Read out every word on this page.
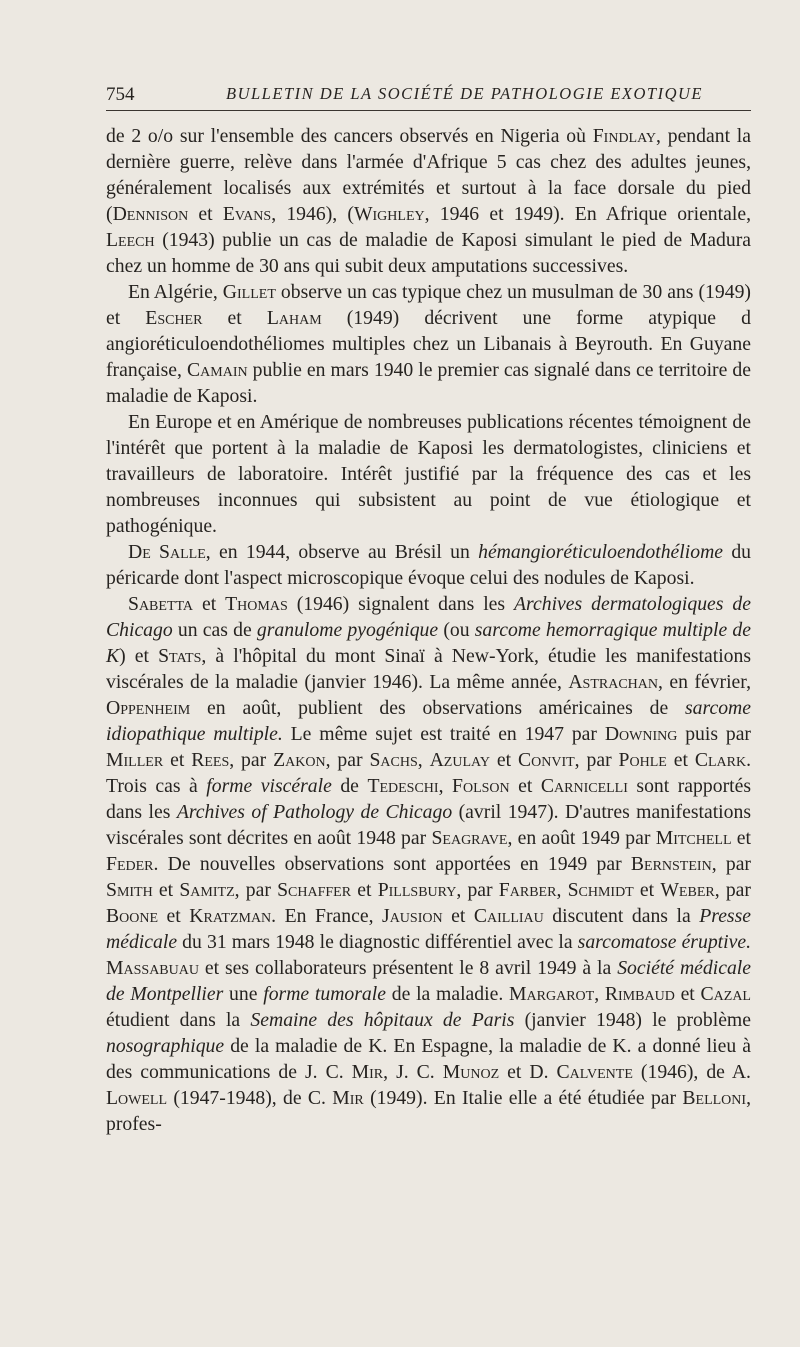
754	BULLETIN DE LA SOCIÉTÉ DE PATHOLOGIE EXOTIQUE

de 2 o/o sur l'ensemble des cancers observés en Nigeria où Findlay, pendant la dernière guerre, relève dans l'armée d'Afrique 5 cas chez des adultes jeunes, généralement localisés aux extrémités et surtout à la face dorsale du pied (Dennison et Evans, 1946), (Wighley, 1946 et 1949). En Afrique orientale, Leech (1943) publie un cas de maladie de Kaposi simulant le pied de Madura chez un homme de 30 ans qui subit deux amputations successives.

En Algérie, Gillet observe un cas typique chez un musulman de 30 ans (1949) et Escher et Laham (1949) décrivent une forme atypique d angioréticuloendothéliomes multiples chez un Libanais à Beyrouth. En Guyane française, Camain publie en mars 1940 le premier cas signalé dans ce territoire de maladie de Kaposi.

En Europe et en Amérique de nombreuses publications récentes témoignent de l'intérêt que portent à la maladie de Kaposi les dermatologistes, cliniciens et travailleurs de laboratoire. Intérêt justifié par la fréquence des cas et les nombreuses inconnues qui subsistent au point de vue étiologique et pathogénique.

De Salle, en 1944, observe au Brésil un hémangioréticuloendothéliome du péricarde dont l'aspect microscopique évoque celui des nodules de Kaposi.

Sabetta et Thomas (1946) signalent dans les Archives dermatologiques de Chicago un cas de granulome pyogénique (ou sarcome hemorragique multiple de K) et Stats, à l'hôpital du mont Sinaï à New-York, étudie les manifestations viscérales de la maladie (janvier 1946). La même année, Astrachan, en février, Oppenheim en août, publient des observations américaines de sarcome idiopathique multiple. Le même sujet est traité en 1947 par Downing puis par Miller et Rees, par Zakon, par Sachs, Azulay et Convit, par Pohle et Clark. Trois cas à forme viscérale de Tedeschi, Folson et Carnicelli sont rapportés dans les Archives of Pathology de Chicago (avril 1947). D'autres manifestations viscérales sont décrites en août 1948 par Seagrave, en août 1949 par Mitchell et Feder. De nouvelles observations sont apportées en 1949 par Bernstein, par Smith et Samitz, par Schaffer et Pillsbury, par Farber, Schmidt et Weber, par Boone et Kratzman. En France, Jausion et Cailliau discutent dans la Presse médicale du 31 mars 1948 le diagnostic différentiel avec la sarcomatose éruptive. Massabuau et ses collaborateurs présentent le 8 avril 1949 à la Société médicale de Montpellier une forme tumorale de la maladie. Margarot, Rimbaud et Cazal étudient dans la Semaine des hôpitaux de Paris (janvier 1948) le problème nosographique de la maladie de K. En Espagne, la maladie de K. a donné lieu à des communications de J. C. Mir, J. C. Munoz et D. Calvente (1946), de A. Lowell (1947-1948), de C. Mir (1949). En Italie elle a été étudiée par Belloni, profes-
